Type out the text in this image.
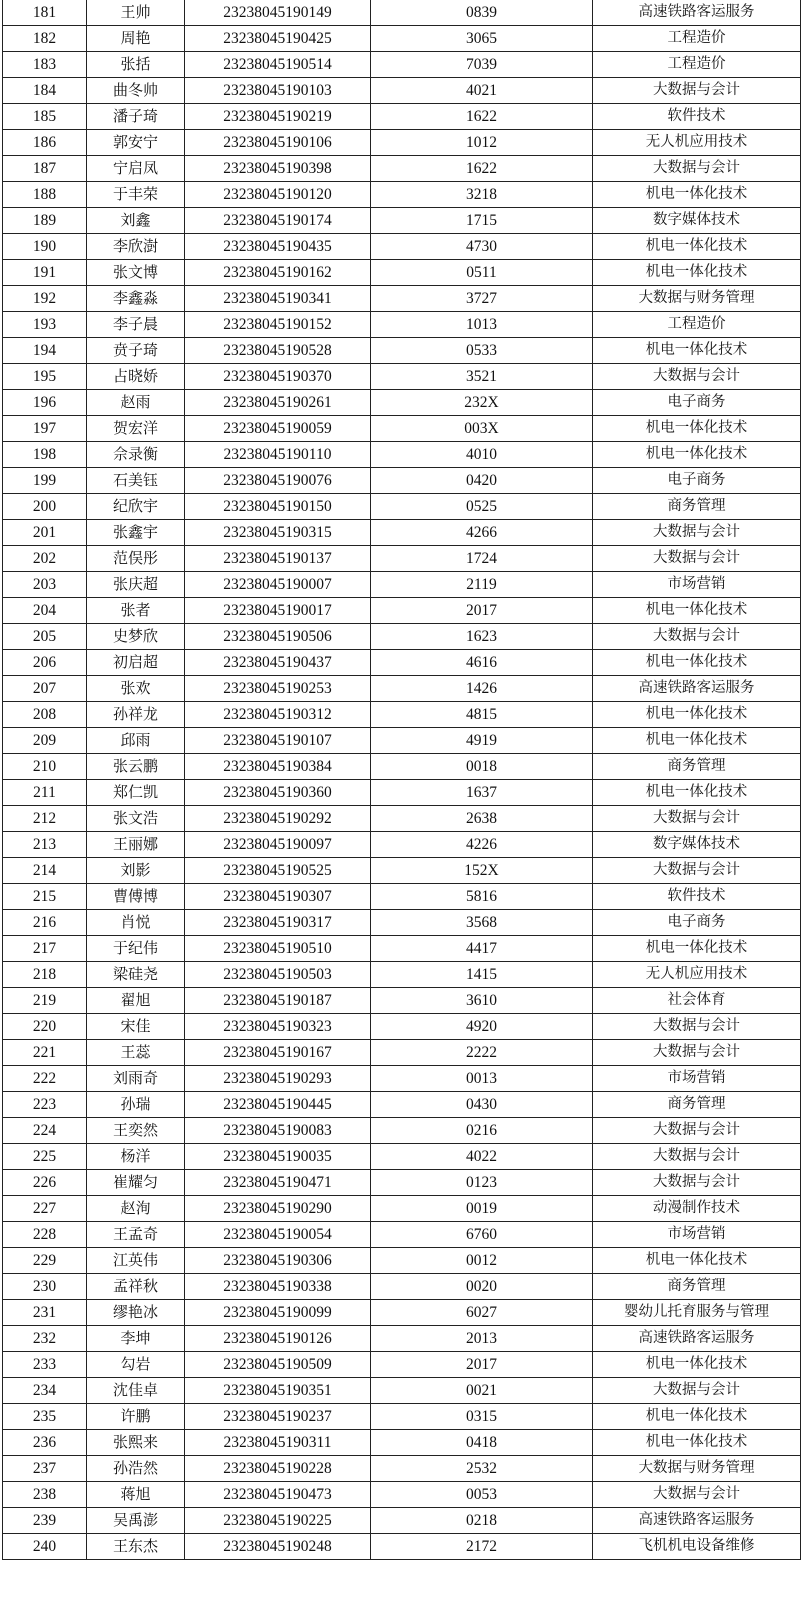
181	王帅	23238045190149	0839	高速铁路客运服务
182	周艳	23238045190425	3065	工程造价
183	张括	23238045190514	7039	工程造价
184	曲冬帅	23238045190103	4021	大数据与会计
185	潘子琦	23238045190219	1622	软件技术
186	郭安宁	23238045190106	1012	无人机应用技术
187	宁启凤	23238045190398	1622	大数据与会计
188	于丰荣	23238045190120	3218	机电一体化技术
189	刘鑫	23238045190174	1715	数字媒体技术
190	李欣澍	23238045190435	4730	机电一体化技术
191	张文博	23238045190162	0511	机电一体化技术
192	李鑫淼	23238045190341	3727	大数据与财务管理
193	李子晨	23238045190152	1013	工程造价
194	贲子琦	23238045190528	0533	机电一体化技术
195	占晓娇	23238045190370	3521	大数据与会计
196	赵雨	23238045190261	232X	电子商务
197	贺宏洋	23238045190059	003X	机电一体化技术
198	佘录衡	23238045190110	4010	机电一体化技术
199	石美钰	23238045190076	0420	电子商务
200	纪欣宇	23238045190150	0525	商务管理
201	张鑫宇	23238045190315	4266	大数据与会计
202	范俣彤	23238045190137	1724	大数据与会计
203	张庆超	23238045190007	2119	市场营销
204	张者	23238045190017	2017	机电一体化技术
205	史梦欣	23238045190506	1623	大数据与会计
206	初启超	23238045190437	4616	机电一体化技术
207	张欢	23238045190253	1426	高速铁路客运服务
208	孙祥龙	23238045190312	4815	机电一体化技术
209	邱雨	23238045190107	4919	机电一体化技术
210	张云鹏	23238045190384	0018	商务管理
211	郑仁凯	23238045190360	1637	机电一体化技术
212	张文浩	23238045190292	2638	大数据与会计
213	王丽娜	23238045190097	4226	数字媒体技术
214	刘影	23238045190525	152X	大数据与会计
215	曹傅博	23238045190307	5816	软件技术
216	肖悦	23238045190317	3568	电子商务
217	于纪伟	23238045190510	4417	机电一体化技术
218	梁硅尧	23238045190503	1415	无人机应用技术
219	翟旭	23238045190187	3610	社会体育
220	宋佳	23238045190323	4920	大数据与会计
221	王蕊	23238045190167	2222	大数据与会计
222	刘雨奇	23238045190293	0013	市场营销
223	孙瑞	23238045190445	0430	商务管理
224	王奕然	23238045190083	0216	大数据与会计
225	杨洋	23238045190035	4022	大数据与会计
226	崔耀匀	23238045190471	0123	大数据与会计
227	赵洵	23238045190290	0019	动漫制作技术
228	王孟奇	23238045190054	6760	市场营销
229	江英伟	23238045190306	0012	机电一体化技术
230	孟祥秋	23238045190338	0020	商务管理
231	缪艳冰	23238045190099	6027	婴幼儿托育服务与管理
232	李坤	23238045190126	2013	高速铁路客运服务
233	勾岩	23238045190509	2017	机电一体化技术
234	沈佳卓	23238045190351	0021	大数据与会计
235	许鹏	23238045190237	0315	机电一体化技术
236	张熙来	23238045190311	0418	机电一体化技术
237	孙浩然	23238045190228	2532	大数据与财务管理
238	蒋旭	23238045190473	0053	大数据与会计
239	吴禹澎	23238045190225	0218	高速铁路客运服务
240	王东杰	23238045190248	2172	飞机机电设备维修
